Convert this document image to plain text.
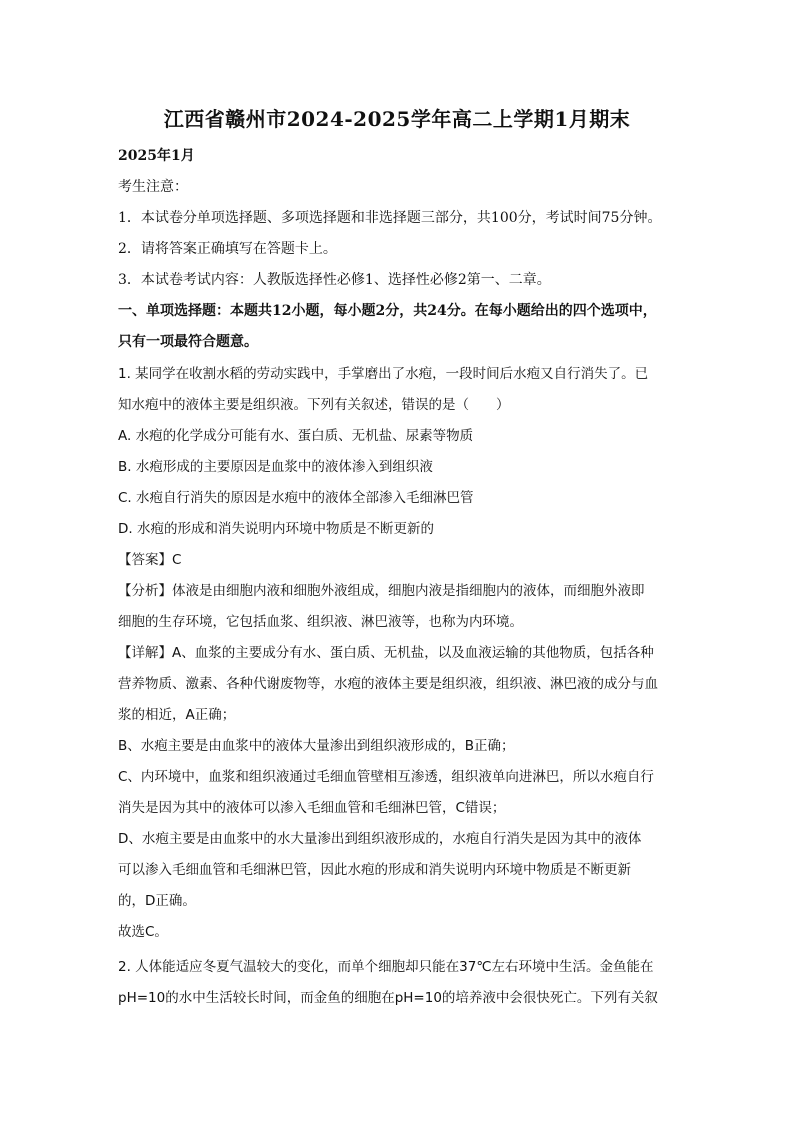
江西省赣州市2024-2025学年高二上学期1月期末
2025年1月
考生注意：
1．本试卷分单项选择题、多项选择题和非选择题三部分，共100分，考试时间75分钟。
2．请将答案正确填写在答题卡上。
3．本试卷考试内容：人教版选择性必修1、选择性必修2第一、二章。
一、单项选择题：本题共12小题，每小题2分，共24分。在每小题给出的四个选项中，
只有一项最符合题意。
1. 某同学在收割水稻的劳动实践中，手掌磨出了水疱，一段时间后水疱又自行消失了。已
知水疱中的液体主要是组织液。下列有关叙述，错误的是（　　）
A. 水疱的化学成分可能有水、蛋白质、无机盐、尿素等物质
B. 水疱形成的主要原因是血浆中的液体渗入到组织液
C. 水疱自行消失的原因是水疱中的液体全部渗入毛细淋巴管
D. 水疱的形成和消失说明内环境中物质是不断更新的
【答案】C
【分析】体液是由细胞内液和细胞外液组成，细胞内液是指细胞内的液体，而细胞外液即
细胞的生存环境，它包括血浆、组织液、淋巴液等，也称为内环境。
【详解】A、血浆的主要成分有水、蛋白质、无机盐，以及血液运输的其他物质，包括各种
营养物质、激素、各种代谢废物等，水疱的液体主要是组织液，组织液、淋巴液的成分与血
浆的相近，A正确；
B、水疱主要是由血浆中的液体大量渗出到组织液形成的，B正确；
C、内环境中，血浆和组织液通过毛细血管壁相互渗透，组织液单向进淋巴，所以水疱自行
消失是因为其中的液体可以渗入毛细血管和毛细淋巴管，C错误；
D、水疱主要是由血浆中的水大量渗出到组织液形成的，水疱自行消失是因为其中的液体
可以渗入毛细血管和毛细淋巴管，因此水疱的形成和消失说明内环境中物质是不断更新
的，D正确。
故选C。
2. 人体能适应冬夏气温较大的变化，而单个细胞却只能在37℃左右环境中生活。金鱼能在
pH=10的水中生活较长时间，而金鱼的细胞在pH=10的培养液中会很快死亡。下列有关叙
